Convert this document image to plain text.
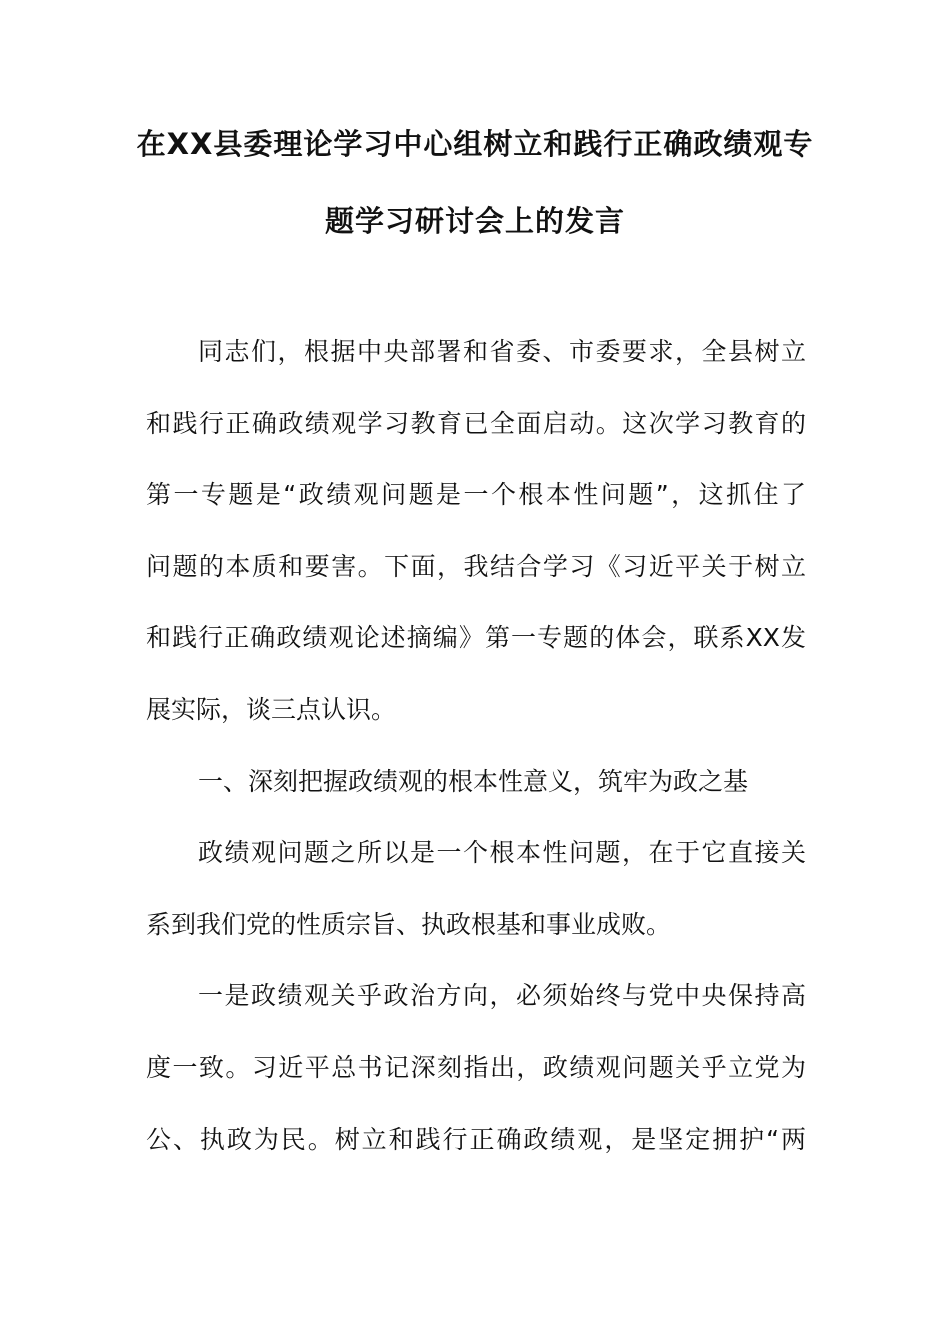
在XX县委理论学习中心组树立和践行正确政绩观专
题学习研讨会上的发言
同志们，根据中央部署和省委、市委要求，全县树立
和践行正确政绩观学习教育已全面启动。这次学习教育的
第一专题是“政绩观问题是一个根本性问题”，这抓住了
问题的本质和要害。下面，我结合学习《习近平关于树立
和践行正确政绩观论述摘编》第一专题的体会，联系XX发
展实际，谈三点认识。
一、深刻把握政绩观的根本性意义，筑牢为政之基
政绩观问题之所以是一个根本性问题，在于它直接关
系到我们党的性质宗旨、执政根基和事业成败。
一是政绩观关乎政治方向，必须始终与党中央保持高
度一致。习近平总书记深刻指出，政绩观问题关乎立党为
公、执政为民。树立和践行正确政绩观，是坚定拥护“两
